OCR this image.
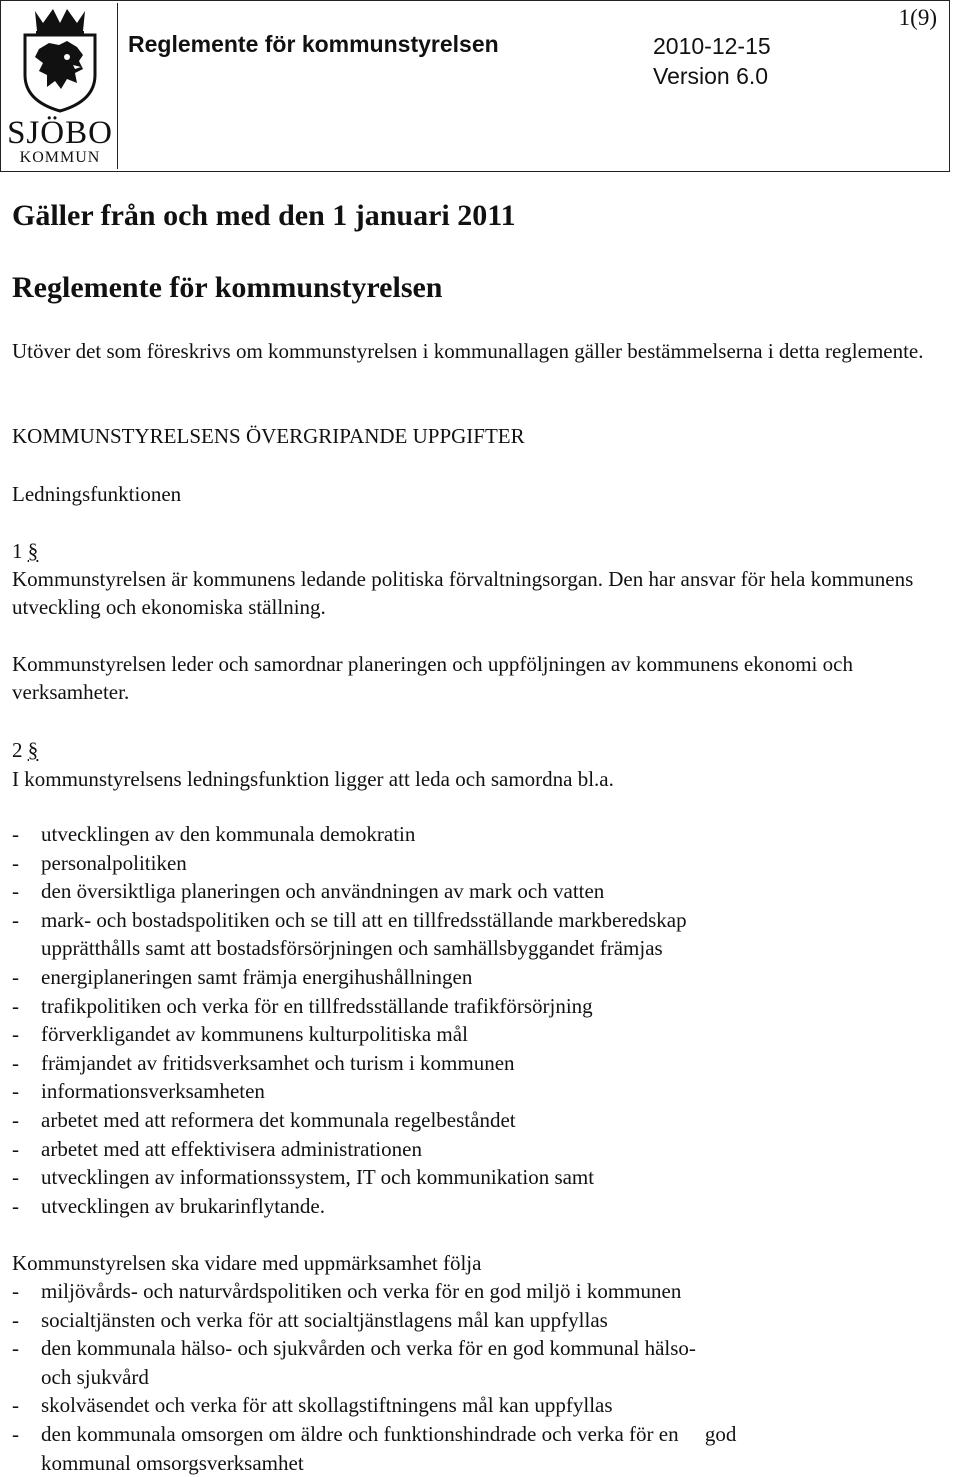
SJÖBO
KOMMUN
Reglemente för kommunstyrelsen	2010-12-15
Version 6.0
1(9)
Gäller från och med den 1 januari 2011
Reglemente för kommunstyrelsen
Utöver det som föreskrivs om kommunstyrelsen i kommunallagen gäller bestämmelserna i detta reglemente.
KOMMUNSTYRELSENS ÖVERGRIPANDE UPPGIFTER
Ledningsfunktionen
1 §
Kommunstyrelsen är kommunens ledande politiska förvaltningsorgan. Den har ansvar för hela kommunens utveckling och ekonomiska ställning.
Kommunstyrelsen leder och samordnar planeringen och uppföljningen av kommunens ekonomi och verksamheter.
2 §
I kommunstyrelsens ledningsfunktion ligger att leda och samordna bl.a.
- utvecklingen av den kommunala demokratin
- personalpolitiken
- den översiktliga planeringen och användningen av mark och vatten
- mark- och bostadspolitiken och se till att en tillfredsställande markberedskap
upprätthålls samt att bostadsförsörjningen och samhällsbyggandet främjas
- energiplaneringen samt främja energihushållningen
- trafikpolitiken och verka för en tillfredsställande trafikförsörjning
- förverkligandet av kommunens kulturpolitiska mål
- främjandet av fritidsverksamhet och turism i kommunen
- informationsverksamheten
- arbetet med att reformera det kommunala regelbeståndet
- arbetet med att effektivisera administrationen
- utvecklingen av informationssystem, IT och kommunikation samt
- utvecklingen av brukarinflytande.
Kommunstyrelsen ska vidare med uppmärksamhet följa
- miljövårds- och naturvårdspolitiken och verka för en god miljö i kommunen
- socialtjänsten och verka för att socialtjänstlagens mål kan uppfyllas
- den kommunala hälso- och sjukvården och verka för en god kommunal hälso-
och sjukvård
- skolväsendet och verka för att skollagstiftningens mål kan uppfyllas
- den kommunala omsorgen om äldre och funktionshindrade och verka för en     god
kommunal omsorgsverksamhet
